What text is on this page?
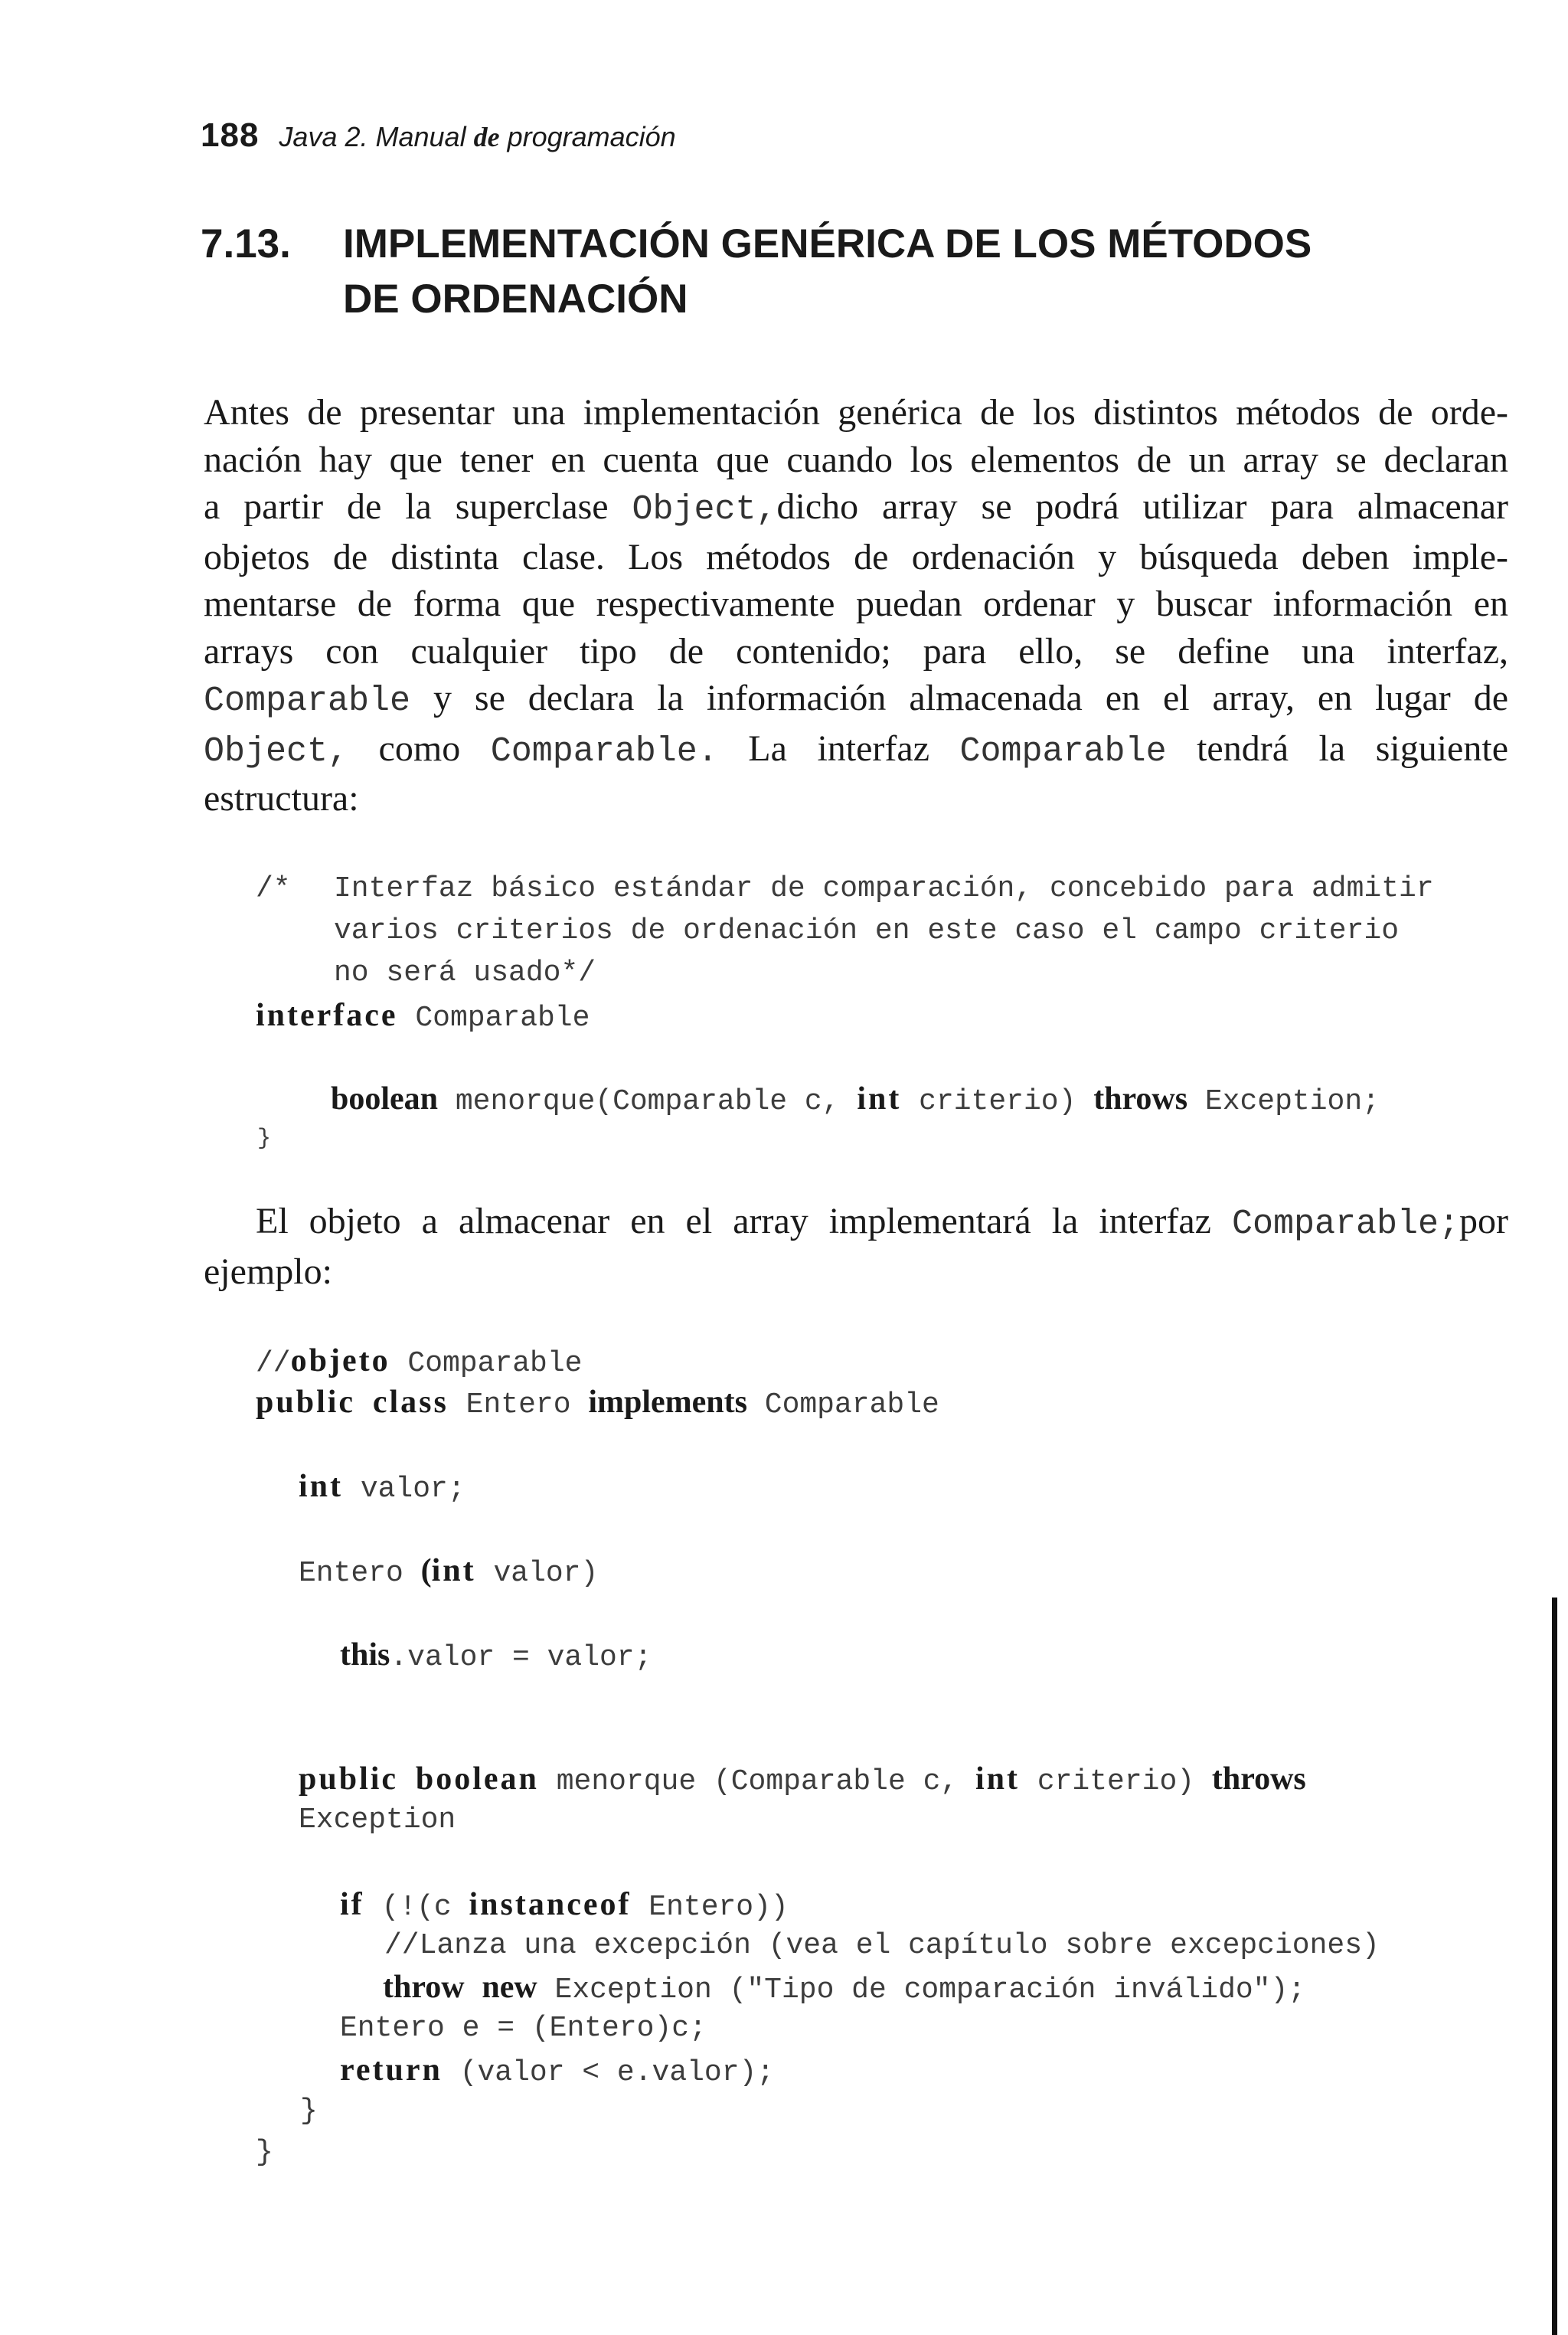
188 Java 2. Manual de programación
7.13.	IMPLEMENTACIÓN GENÉRICA DE LOS MÉTODOS
DE ORDENACIÓN
Antes de presentar una implementación genérica de los distintos métodos de orde-
nación hay que tener en cuenta que cuando los elementos de un array se declaran
a partir de la superclase Object,dicho array se podrá utilizar para almacenar
objetos de distinta clase. Los métodos de ordenación y búsqueda deben imple-
mentarse de forma que respectivamente puedan ordenar y buscar información en
arrays con cualquier tipo de contenido; para ello, se define una interfaz,
Comparable y se declara la información almacenada en el array, en lugar de
Object, como Comparable. La interfaz Comparable tendrá la siguiente
estructura:
/* Interfaz básico estándar de comparación, concebido para admitir
varios criterios de ordenación en este caso el campo criterio
no será usado*/
interface Comparable
boolean menorque(Comparable c, int criterio) throws Exception;
}
El objeto a almacenar en el array implementará la interfaz Comparable;por
ejemplo:
//objeto Comparable
public class Entero implements Comparable
int valor;
Entero (int valor)
this.valor = valor;
public boolean menorque (Comparable c, int criterio) throws
Exception
if (!(c instanceof Entero))
//Lanza una excepción (vea el capítulo sobre excepciones)
throw new Exception ("Tipo de comparación inválido");
Entero e = (Entero)c;
return (valor < e.valor);
}
}
